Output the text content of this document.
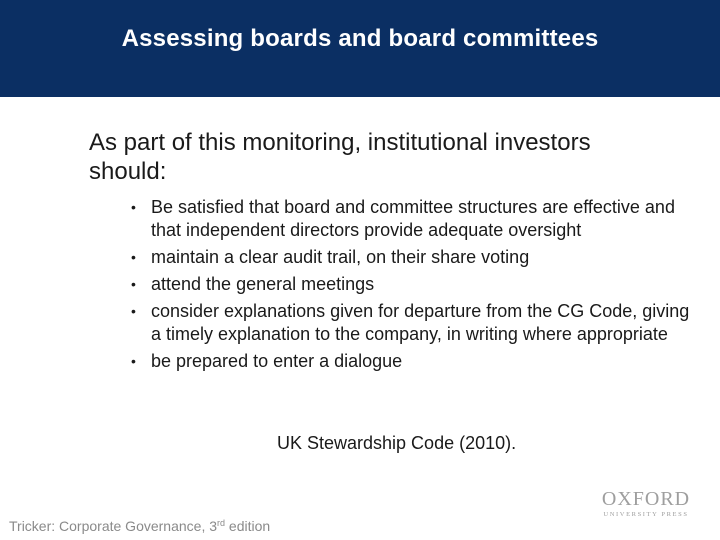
Assessing boards and board committees
As part of this monitoring, institutional investors should:
• Be satisfied that board and committee structures are effective and that independent directors provide adequate oversight
• maintain a clear audit trail, on their share voting
• attend the general meetings
• consider explanations given for departure from the CG Code, giving a timely explanation to the company, in writing where appropriate
• be prepared to enter a dialogue
UK Stewardship Code (2010).
Tricker: Corporate Governance, 3rd edition
OXFORD
UNIVERSITY PRESS
